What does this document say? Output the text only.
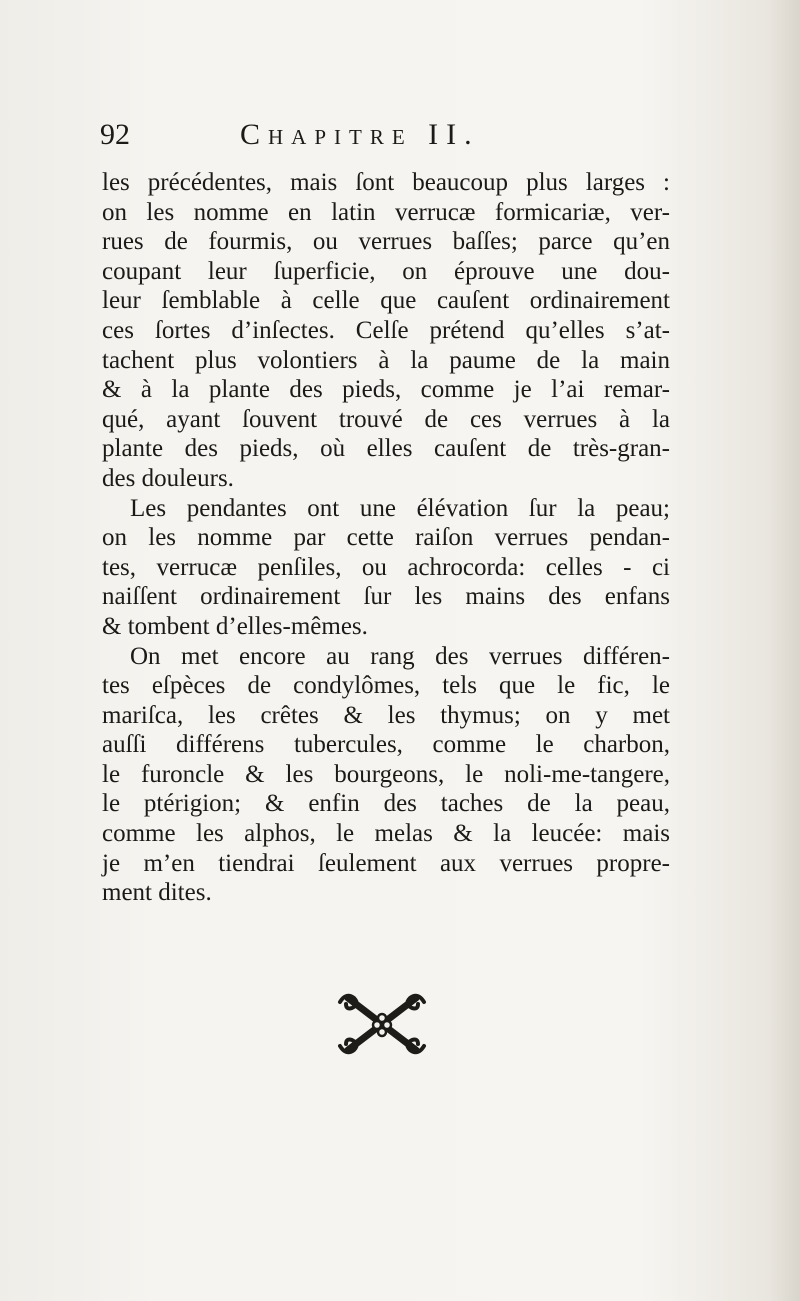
92	Chapitre II.
les précédentes, mais ſont beaucoup plus larges :
on les nomme en latin verrucæ formicariæ, ver-
rues de fourmis, ou verrues baſſes; parce qu’en
coupant leur ſuperficie, on éprouve une dou-
leur ſemblable à celle que cauſent ordinairement
ces ſortes d’inſectes. Celſe prétend qu’elles s’at-
tachent plus volontiers à la paume de la main
& à la plante des pieds, comme je l’ai remar-
qué, ayant ſouvent trouvé de ces verrues à la
plante des pieds, où elles cauſent de très-gran-
des douleurs.
Les pendantes ont une élévation ſur la peau;
on les nomme par cette raiſon verrues pendan-
tes, verrucæ penſiles, ou achrocorda: celles - ci
naiſſent ordinairement ſur les mains des enfans
& tombent d’elles-mêmes.
On met encore au rang des verrues différen-
tes eſpèces de condylômes, tels que le fic, le
mariſca, les crêtes & les thymus; on y met
auſſi différens tubercules, comme le charbon,
le furoncle & les bourgeons, le noli-me-tangere,
le ptérigion; & enfin des taches de la peau,
comme les alphos, le melas & la leucée: mais
je m’en tiendrai ſeulement aux verrues propre-
ment dites.
